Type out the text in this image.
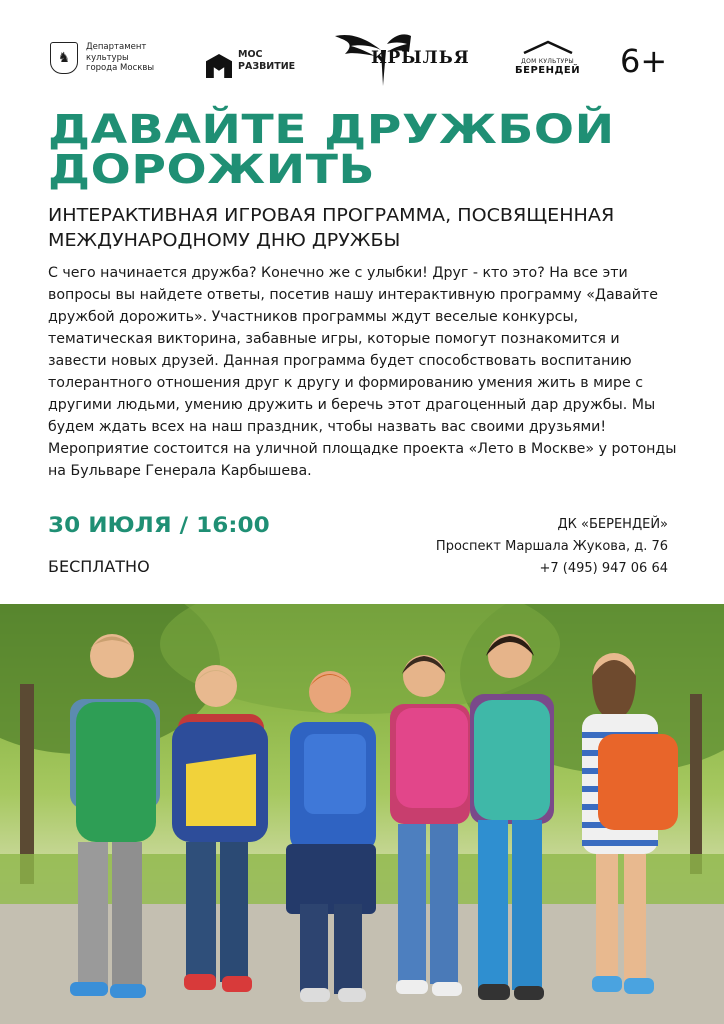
♞
Департамент культуры города Москвы
МОС РАЗВИТИЕ	КРЫЛЬЯ	ДОМ КУЛЬТУРЫ
БЕРЕНДЕЙ 6+
ДАВАЙТЕ ДРУЖБОЙ ДОРОЖИТЬ
ИНТЕРАКТИВНАЯ ИГРОВАЯ ПРОГРАММА, ПОСВЯЩЕННАЯ МЕЖДУНАРОДНОМУ ДНЮ ДРУЖБЫ

С чего начинается дружба? Конечно же с улыбки! Друг - кто это? На все эти вопросы вы найдете ответы, посетив нашу интерактивную программу «Давайте дружбой дорожить». Участников программы ждут веселые конкурсы, тематическая викторина, забавные игры, которые помогут познакомится и завести новых друзей. Данная программа будет способствовать воспитанию толерантного отношения друг к другу и формированию умения жить в мире с другими людьми, умению дружить и беречь этот драгоценный дар дружбы. Мы будем ждать всех на наш праздник, чтобы назвать вас своими друзьями! Мероприятие состоится на уличной площадке проекта «Лето в Москве» у ротонды на Бульваре Генерала Карбышева.

30 ИЮЛЯ / 16:00
БЕСПЛАТНО
ДК «БЕРЕНДЕЙ»
Проспект Маршала Жукова, д. 76
+7 (495) 947 06 64
